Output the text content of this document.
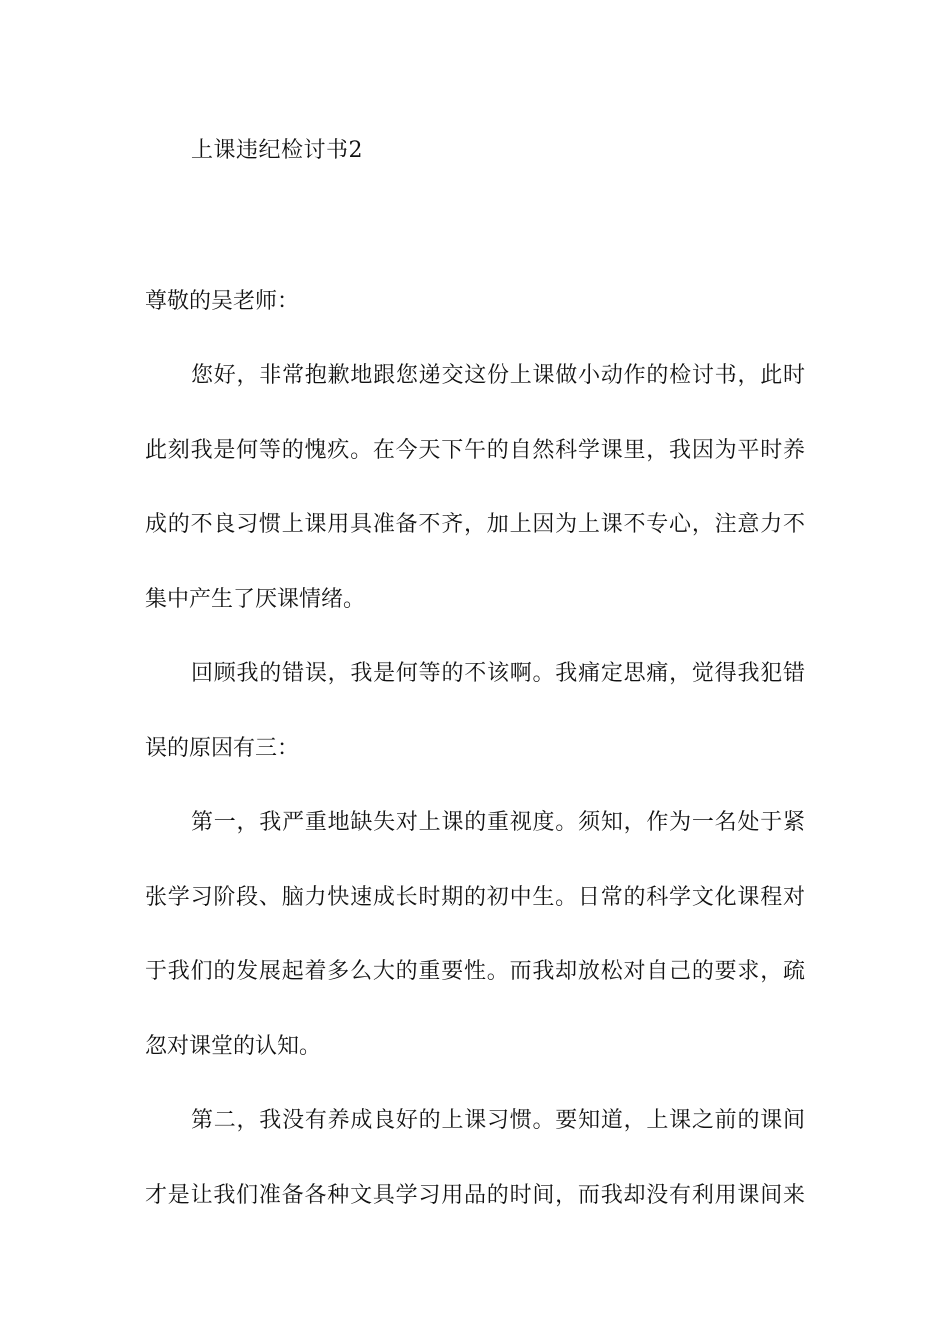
上课违纪检讨书2

尊敬的吴老师：

您好，非常抱歉地跟您递交这份上课做小动作的检讨书，此时
此刻我是何等的愧疚。在今天下午的自然科学课里，我因为平时养
成的不良习惯上课用具准备不齐，加上因为上课不专心，注意力不
集中产生了厌课情绪。
回顾我的错误，我是何等的不该啊。我痛定思痛，觉得我犯错
误的原因有三：
第一，我严重地缺失对上课的重视度。须知，作为一名处于紧
张学习阶段、脑力快速成长时期的初中生。日常的科学文化课程对
于我们的发展起着多么大的重要性。而我却放松对自己的要求，疏
忽对课堂的认知。
第二，我没有养成良好的上课习惯。要知道，上课之前的课间
才是让我们准备各种文具学习用品的时间，而我却没有利用课间来
